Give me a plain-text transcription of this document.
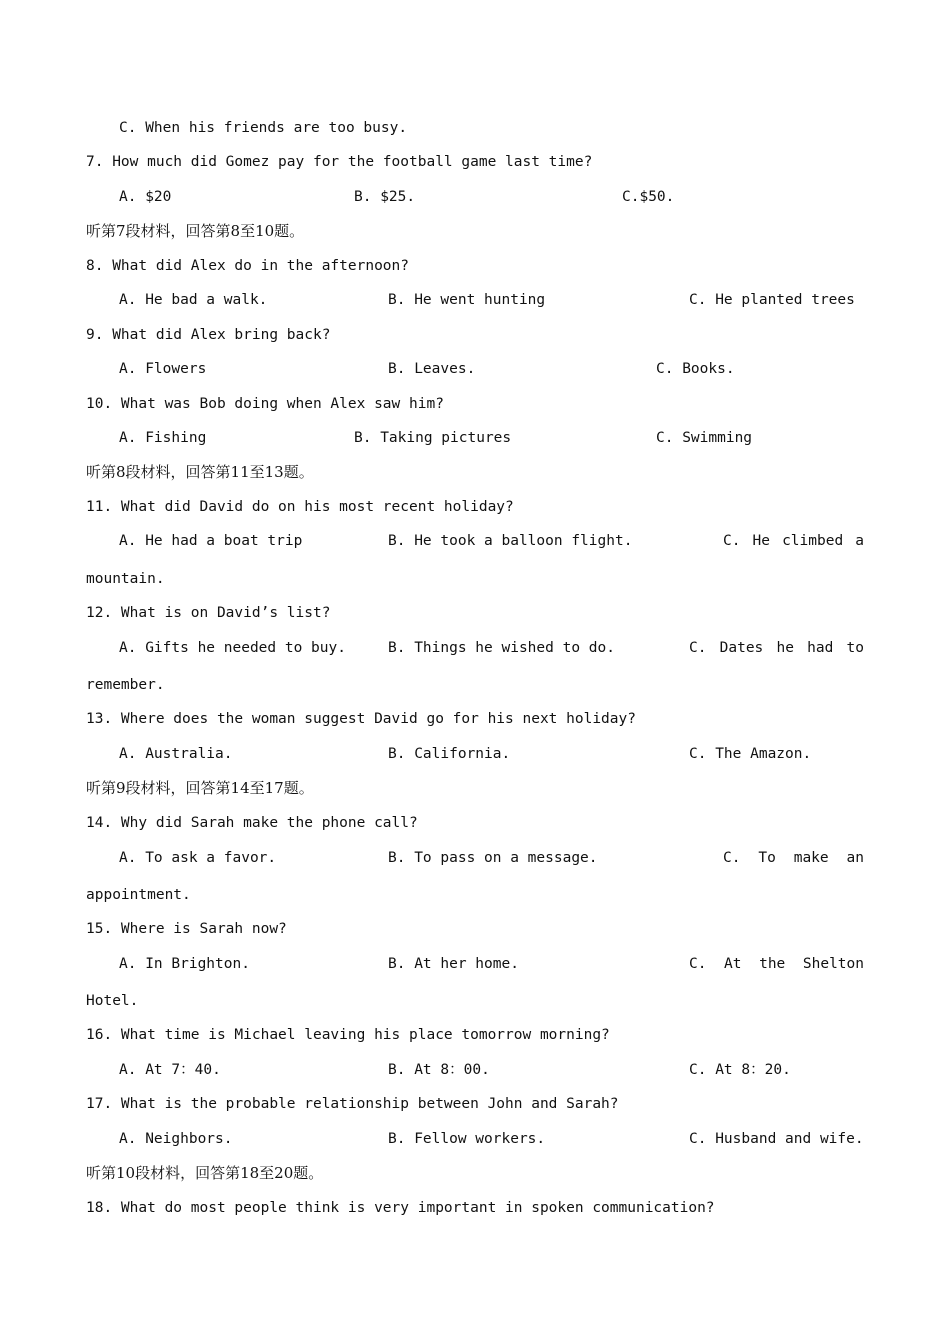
C. When his friends are too busy.
7. How much did Gomez pay for the football game last time?
A. $20	B. $25.	C.$50.
听第7段材料，回答第8至10题。
8. What did Alex do in the afternoon?
A. He bad a walk.	B. He went hunting	C. He planted trees
9. What did Alex bring back?
A. Flowers	B. Leaves.	C. Books.
10. What was Bob doing when Alex saw him?
A. Fishing	B. Taking pictures	C. Swimming
听第8段材料，回答第11至13题。
11. What did David do on his most recent holiday?
A. He had a boat trip	B. He took a balloon flight.	C. He climbed a
mountain.
12. What is on David’s list?
A. Gifts he needed to buy.	B. Things he wished to do.	C. Dates he had to
remember.
13. Where does the woman suggest David go for his next holiday?
A. Australia.	B. California.	C. The Amazon.
听第9段材料，回答第14至17题。
14. Why did Sarah make the phone call?
A. To ask a favor.	B. To pass on a message.	C. To make an
appointment.
15. Where is Sarah now?
A. In Brighton.	B. At her home.	C. At the Shelton
Hotel.
16. What time is Michael leaving his place tomorrow morning?
A. At 7：40.	B. At 8：00.	C. At 8：20.
17. What is the probable relationship between John and Sarah?
A. Neighbors.	B. Fellow workers.	C. Husband and wife.
听第10段材料，回答第18至20题。
18. What do most people think is very important in spoken communication?
